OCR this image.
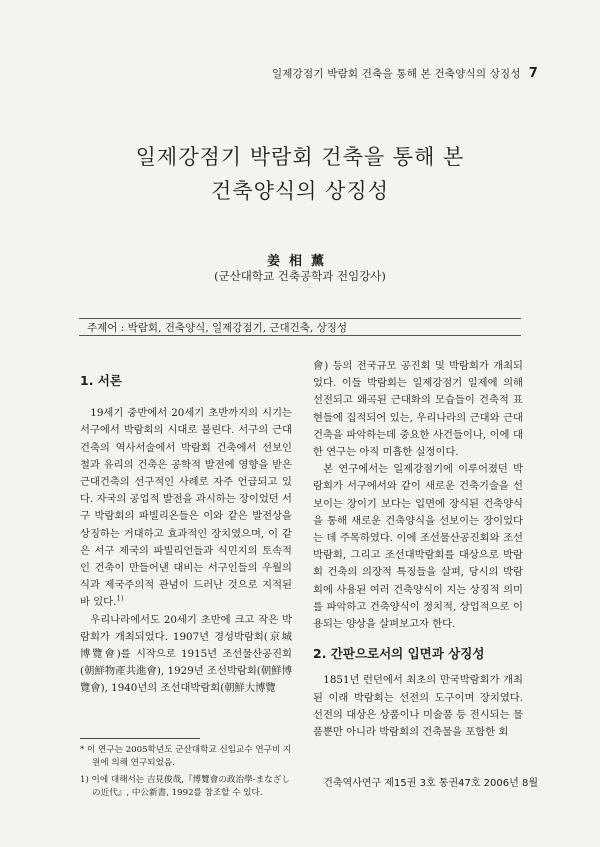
일제강점기 박람회 건축을 통해 본 건축양식의 상징성 7
일제강점기 박람회 건축을 통해 본
건축양식의 상징성
姜相薰
(군산대학교 건축공학과 전임강사)
주제어 : 박람회, 건축양식, 일제강점기, 근대건축, 상징성
1. 서론

19세기 중반에서 20세기 초반까지의 시기는 서구에서 박람회의 시대로 불린다. 서구의 근대 건축의 역사서술에서 박람회 건축에서 선보인 철과 유리의 건축은 공학적 발전에 영향을 받은 근대건축의 선구적인 사례로 자주 언급되고 있다. 자국의 공업적 발전을 과시하는 장이었던 서구 박람회의 파빌리온들은 이와 같은 발전상을 상징하는 거대하고 효과적인 장치였으며, 이 같은 서구 제국의 파빌리언들과 식민지의 토속적인 건축이 만들어낸 대비는 서구인들의 우월의식과 제국주의적 관념이 드러난 것으로 지적된 바 있다.$^{1)}$

우리나라에서도 20세기 초반에 크고 작은 박람회가 개최되었다. 1907년 경성박람회(京城博覽會)를 시작으로 1915년 조선물산공진회(朝鮮物產共進會), 1929년 조선박람회(朝鮮博覽會), 1940년의 조선대박람회(朝鮮大博覽

會) 등의 전국규모 공진회 및 박람회가 개최되었다. 이들 박람회는 일제강점기 일제에 의해 선전되고 왜곡된 근대화의 모습들이 건축적 표현들에 집적되어 있는, 우리나라의 근대와 근대건축을 파악하는데 중요한 사건들이나, 이에 대한 연구는 아직 미흡한 실정이다.

본 연구에서는 일제강점기에 이루어졌던 박람회가 서구에서와 같이 새로운 건축기술을 선보이는 장이기 보다는 입면에 장식된 건축양식을 통해 새로운 건축양식을 선보이는 장이었다는 데 주목하였다. 이에 조선물산공진회와 조선박람회, 그리고 조선대박람회를 대상으로 박람회 건축의 의장적 특징들을 살펴, 당시의 박람회에 사용된 여러 건축양식이 지는 상징적 의미를 파악하고 건축양식이 정치적, 상업적으로 이용되는 양상을 살펴보고자 한다.

2. 간판으로서의 입면과 상징성

1851년 런던에서 최초의 만국박람회가 개최된 이래 박람회는 선전의 도구이며 장치였다. 선전의 대상은 상품이나 미술품 등 전시되는 물품뿐만 아니라 박람회의 건축물을 포함한 회

* 이 연구는 2005학년도 군산대학교 신임교수 연구비 지원에 의해 연구되었음.

1) 이에 대해서는 吉見俊哉,『博覽會の政治學-まなざしの近代』, 中公新書, 1992를 참조할 수 있다.

건축역사연구 제15권 3호 통권47호 2006년 8월
